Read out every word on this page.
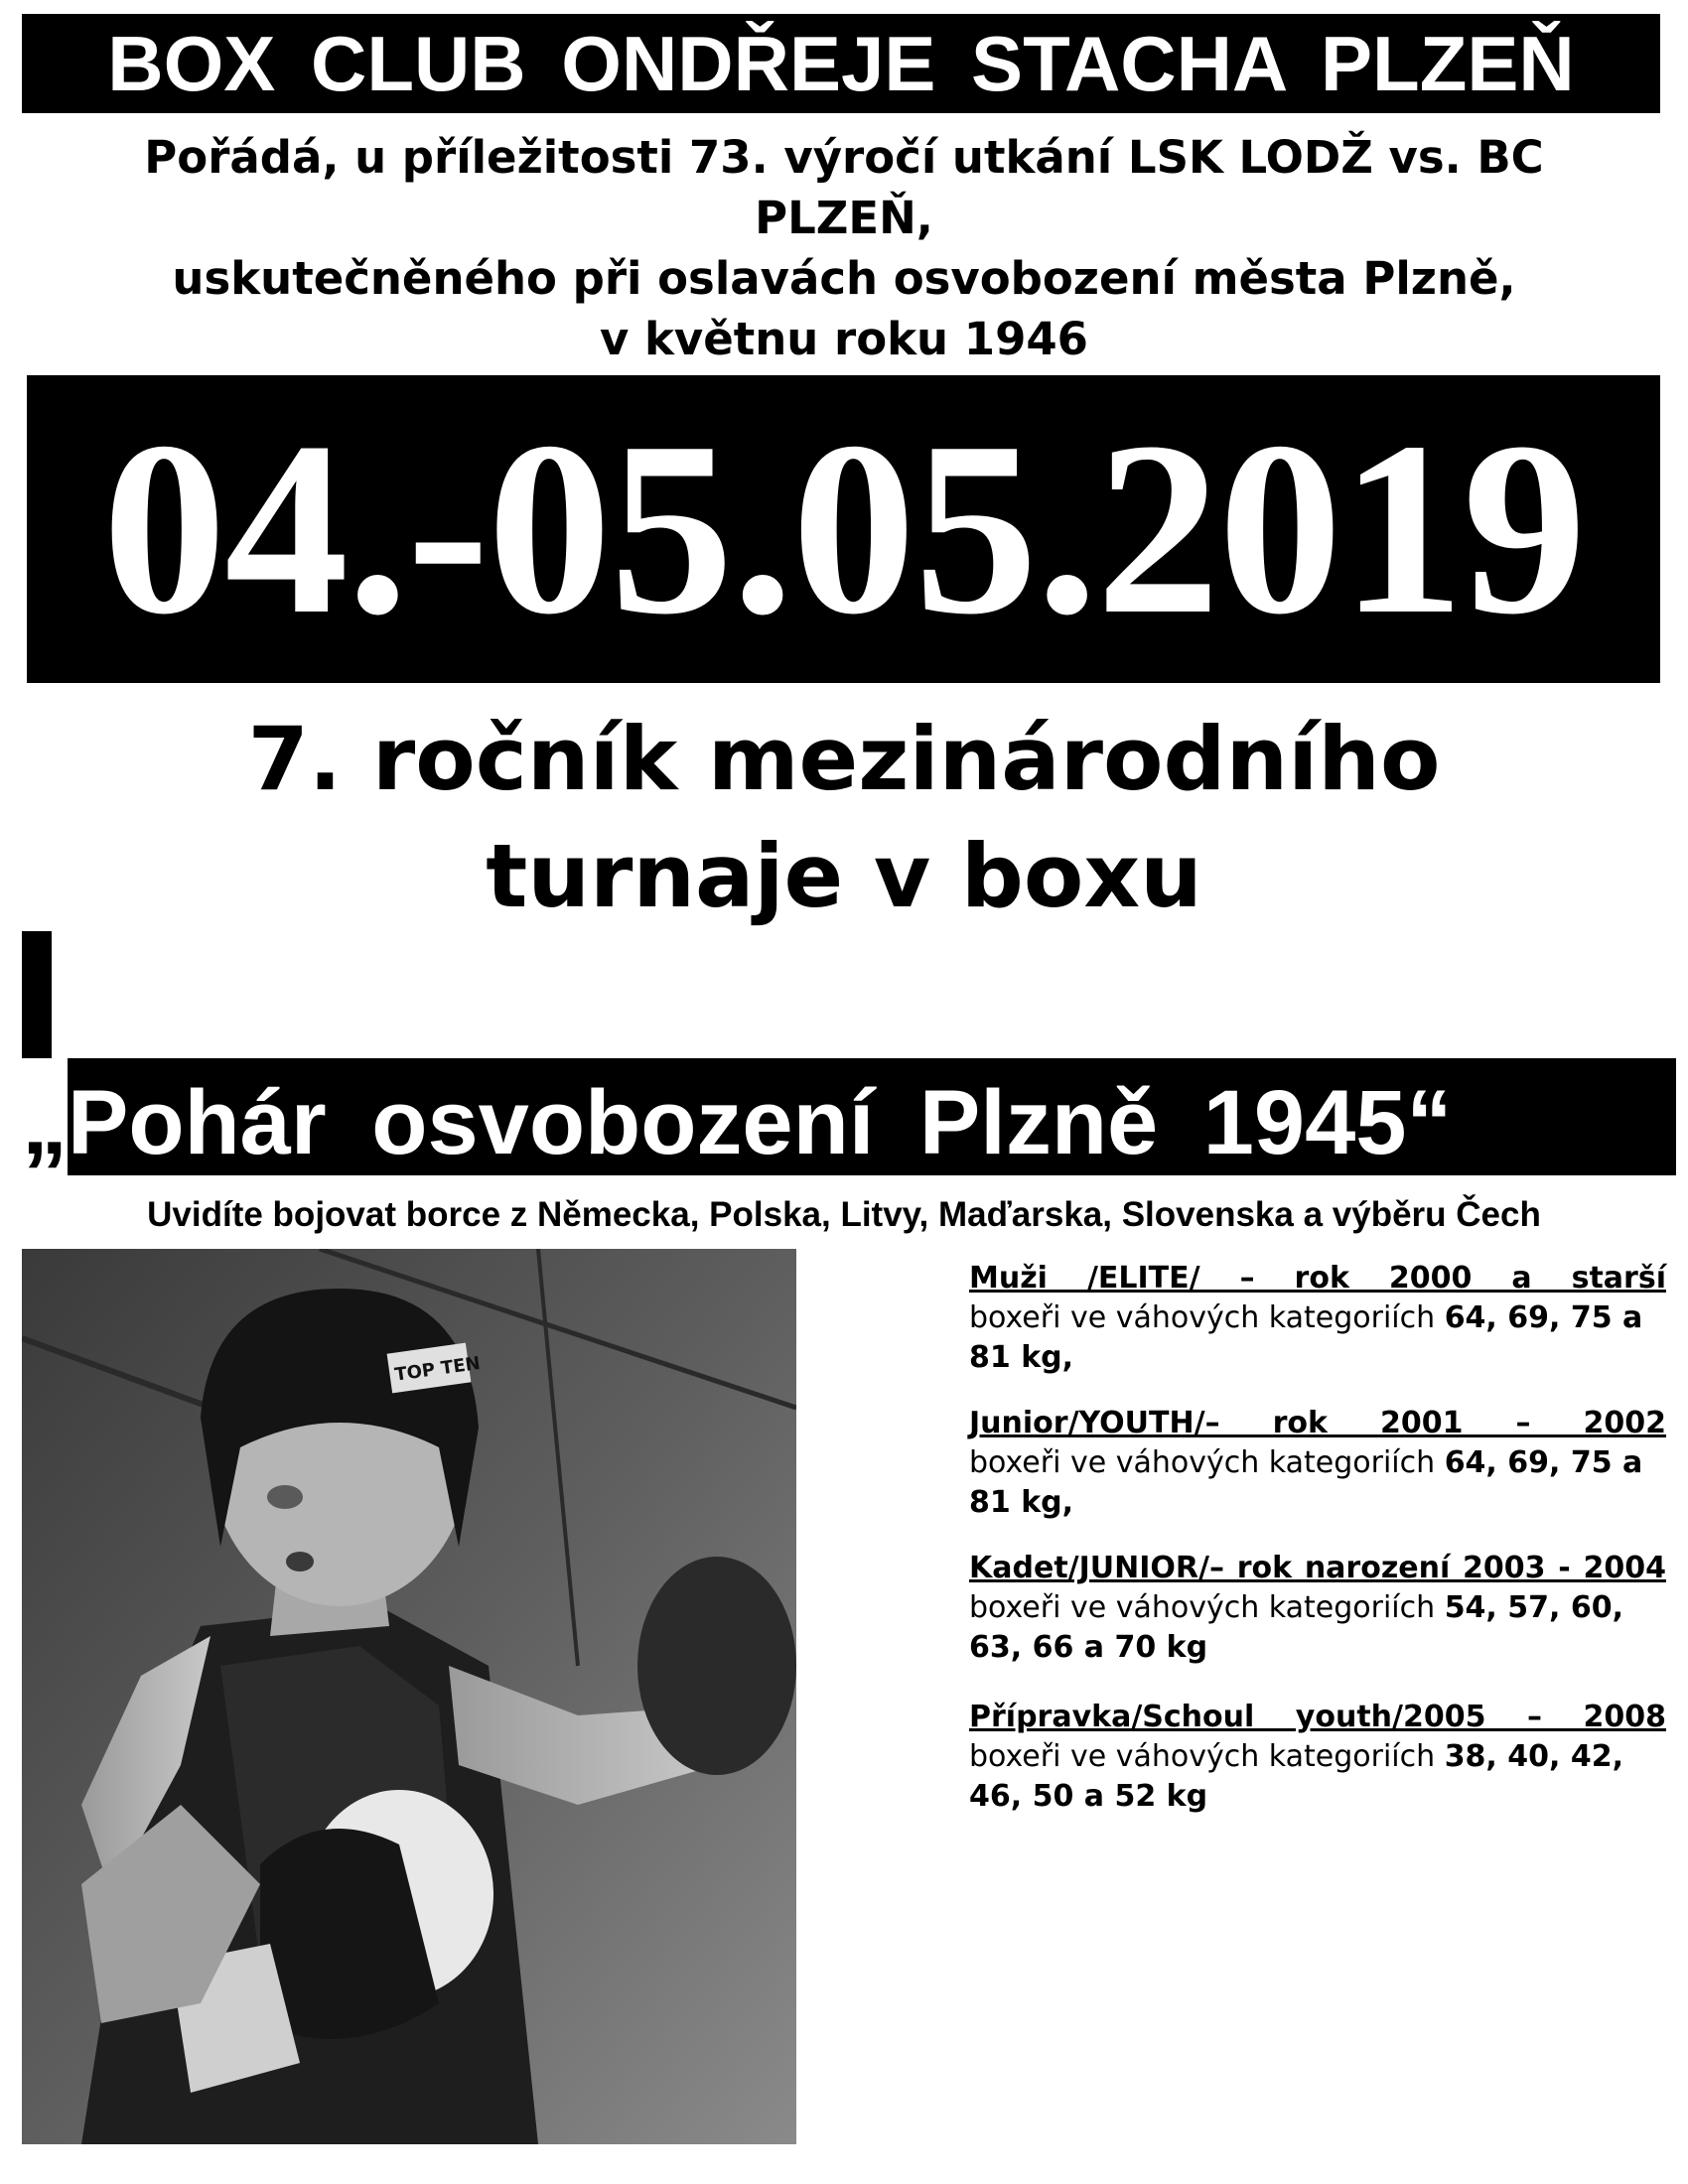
BOX CLUB ONDŘEJE STACHA PLZEŇ
Pořádá, u příležitosti 73. výročí utkání LSK LODŽ vs. BC
PLZEŇ,
uskutečněného při oslavách osvobození města Plzně,
v květnu roku 1946
04.-05.05.2019
7. ročník mezinárodního
turnaje v boxu
„Pohár osvobození Plzně 1945“
Uvidíte bojovat borce z Německa, Polska, Litvy, Maďarska, Slovenska a výběru Čech
TOP TEN
Muži /ELITE/ – rok 2000 a starší
boxeři ve váhových kategoriích 64, 69, 75 a 81 kg,
Junior/YOUTH/– rok 2001 – 2002
boxeři ve váhových kategoriích 64, 69, 75 a 81 kg,
Kadet/JUNIOR/– rok narození 2003 - 2004
boxeři ve váhových kategoriích 54, 57, 60, 63, 66 a 70 kg
Přípravka/Schoul youth/2005 – 2008
boxeři ve váhových kategoriích 38, 40, 42, 46, 50 a 52 kg
